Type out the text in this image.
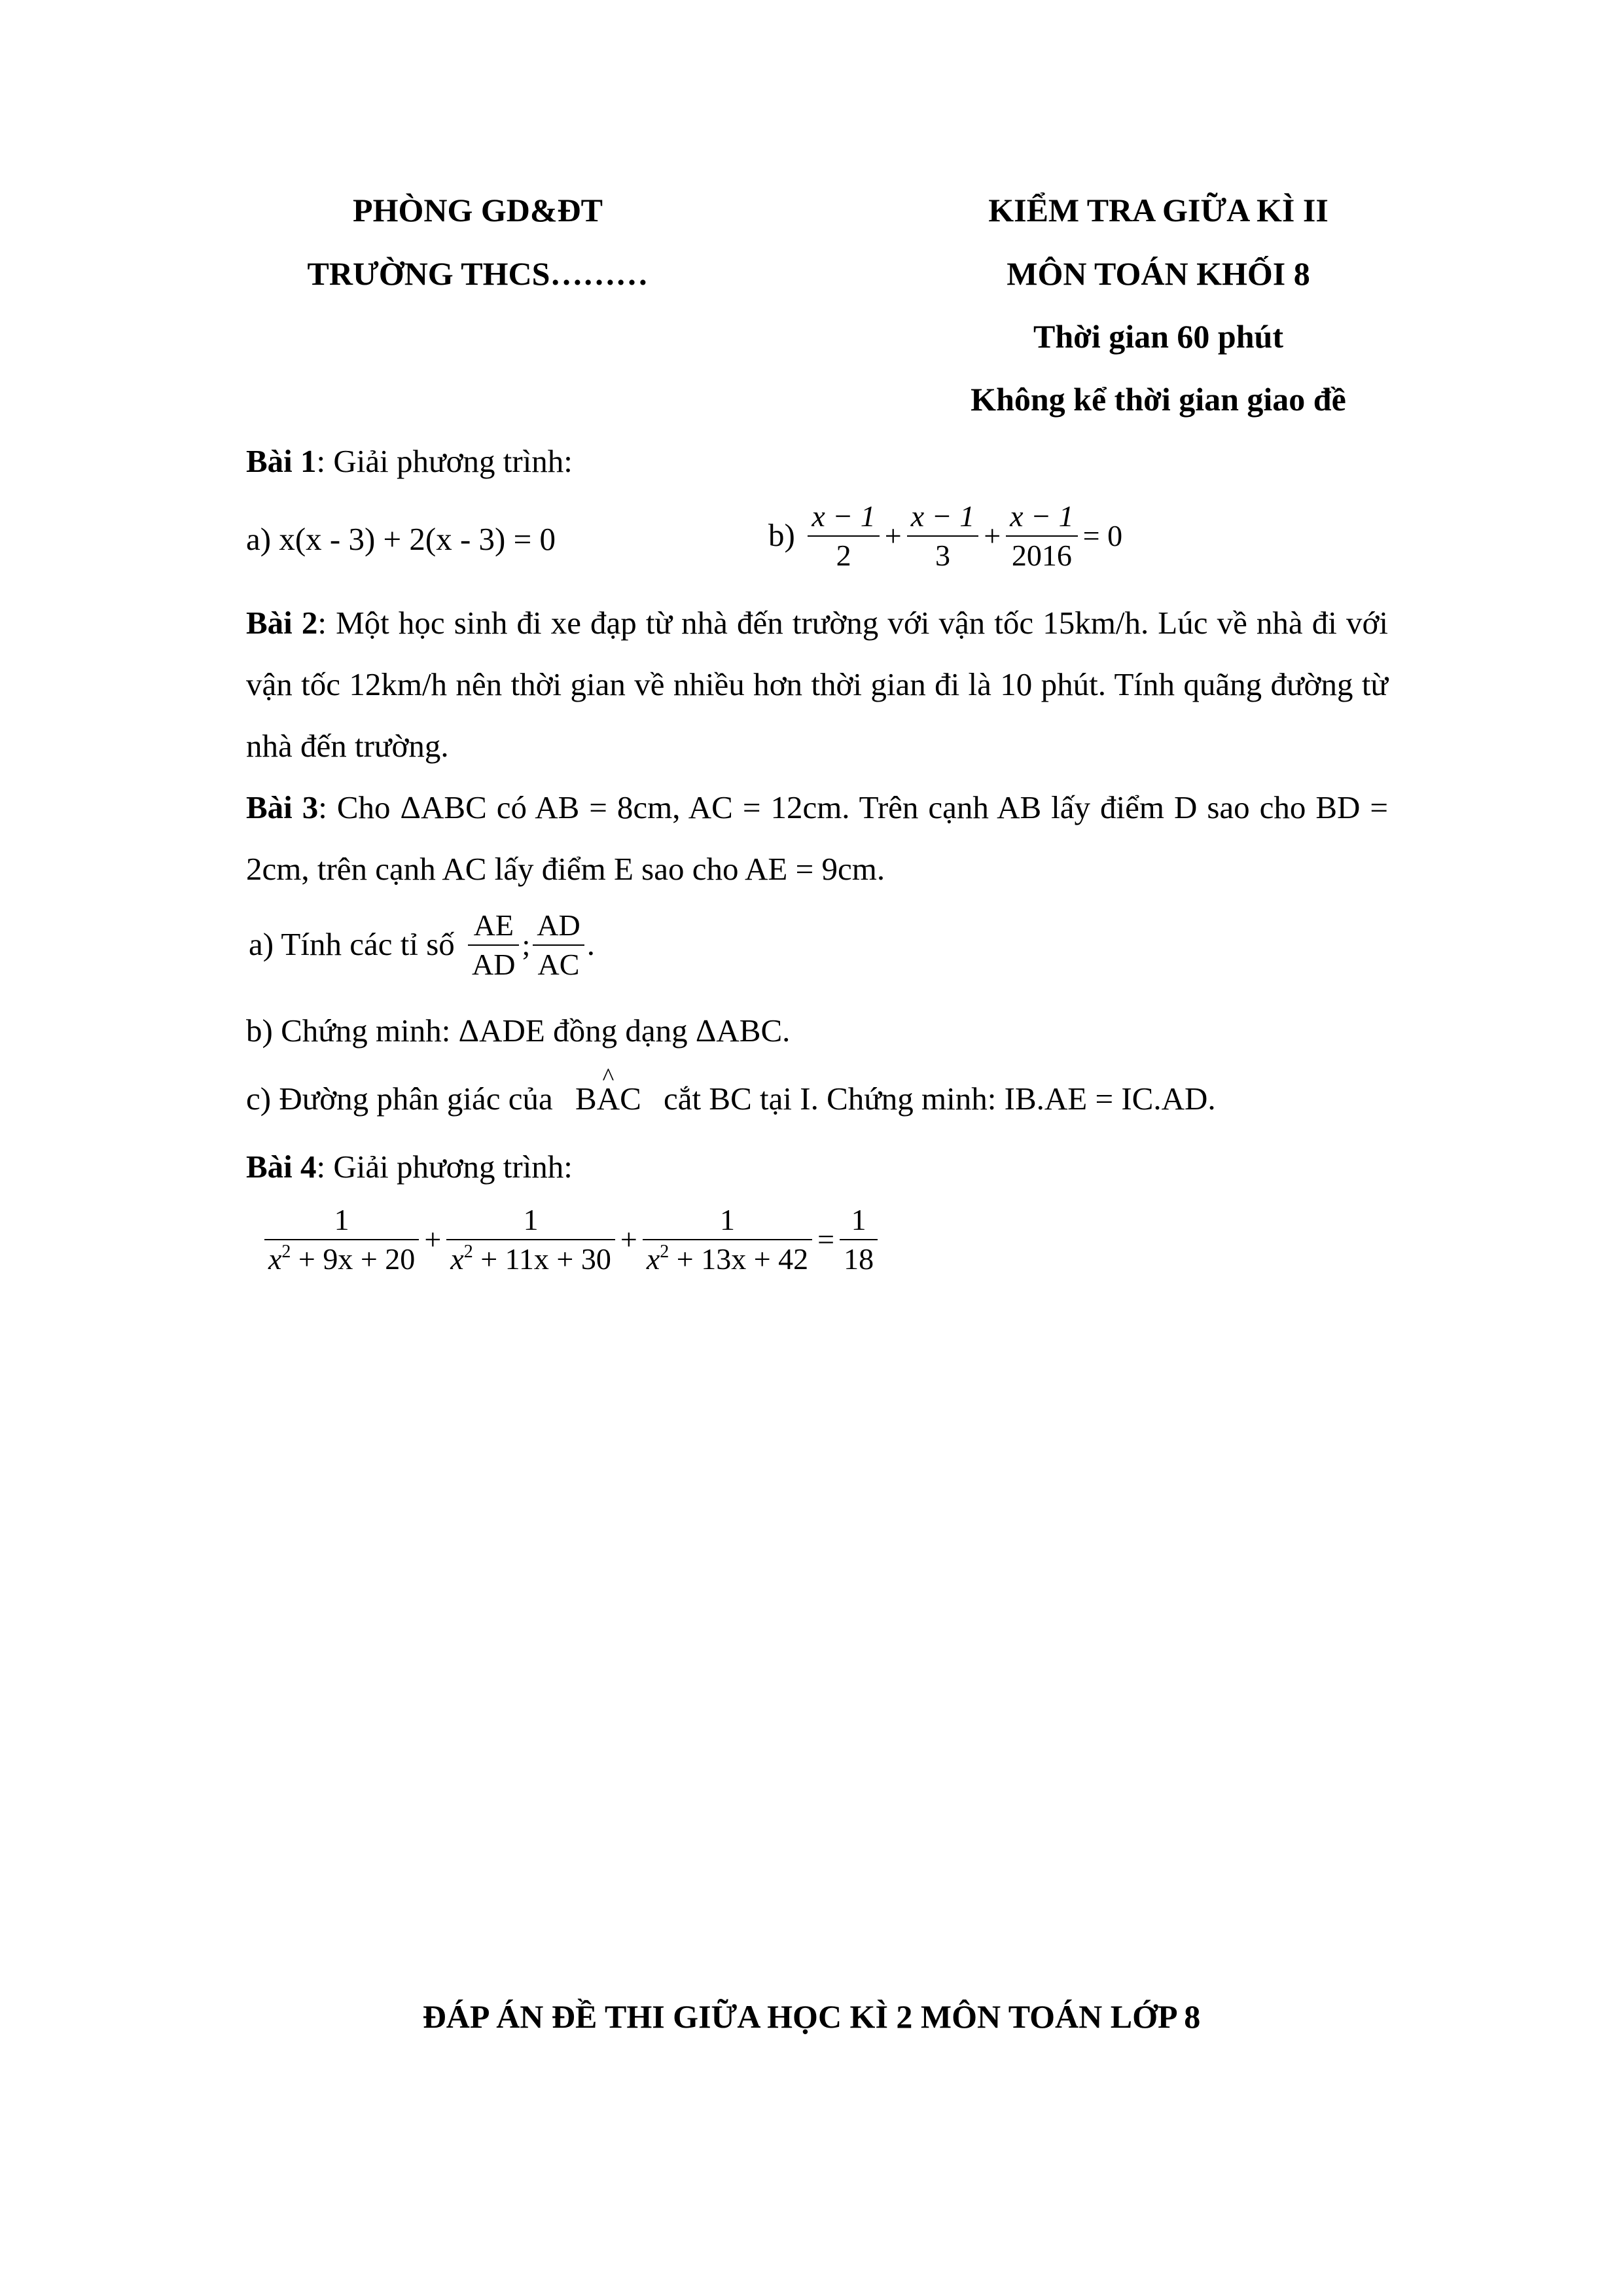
PHÒNG GD&ĐT
TRƯỜNG THCS………
KIỂM TRA GIỮA KÌ II
MÔN TOÁN KHỐI 8
Thời gian 60 phút
Không kể thời gian giao đề
Bài 1: Giải phương trình:
a) x(x - 3) + 2(x - 3) = 0	$b) \frac{x - 1}{2} + \frac{x - 1}{3} + \frac{x - 1}{2016} = 0$
Bài 2: Một học sinh đi xe đạp từ nhà đến trường với vận tốc 15km/h. Lúc về nhà đi với vận tốc 12km/h nên thời gian về nhiều hơn thời gian đi là 10 phút. Tính quãng đường từ nhà đến trường.
Bài 3: Cho ΔABC có AB = 8cm, AC = 12cm. Trên cạnh AB lấy điểm D sao cho BD = 2cm, trên cạnh AC lấy điểm E sao cho AE = 9cm.
a) Tính các tỉ số $\frac{AE}{AD}$ ; $\frac{AD}{AC}$ .
b) Chứng minh: ΔADE đồng dạng ΔABC.
c) Đường phân giác của B^ AC cắt BC tại I. Chứng minh: IB.AE = IC.AD.
Bài 4: Giải phương trình:
$\frac{1}{x^2 + 9x + 20} + \frac{1}{x^2 + 11x + 30} + \frac{1}{x^2 + 13x + 42} = \frac{1}{18}$
ĐÁP ÁN ĐỀ THI GIỮA HỌC KÌ 2 MÔN TOÁN LỚP 8
